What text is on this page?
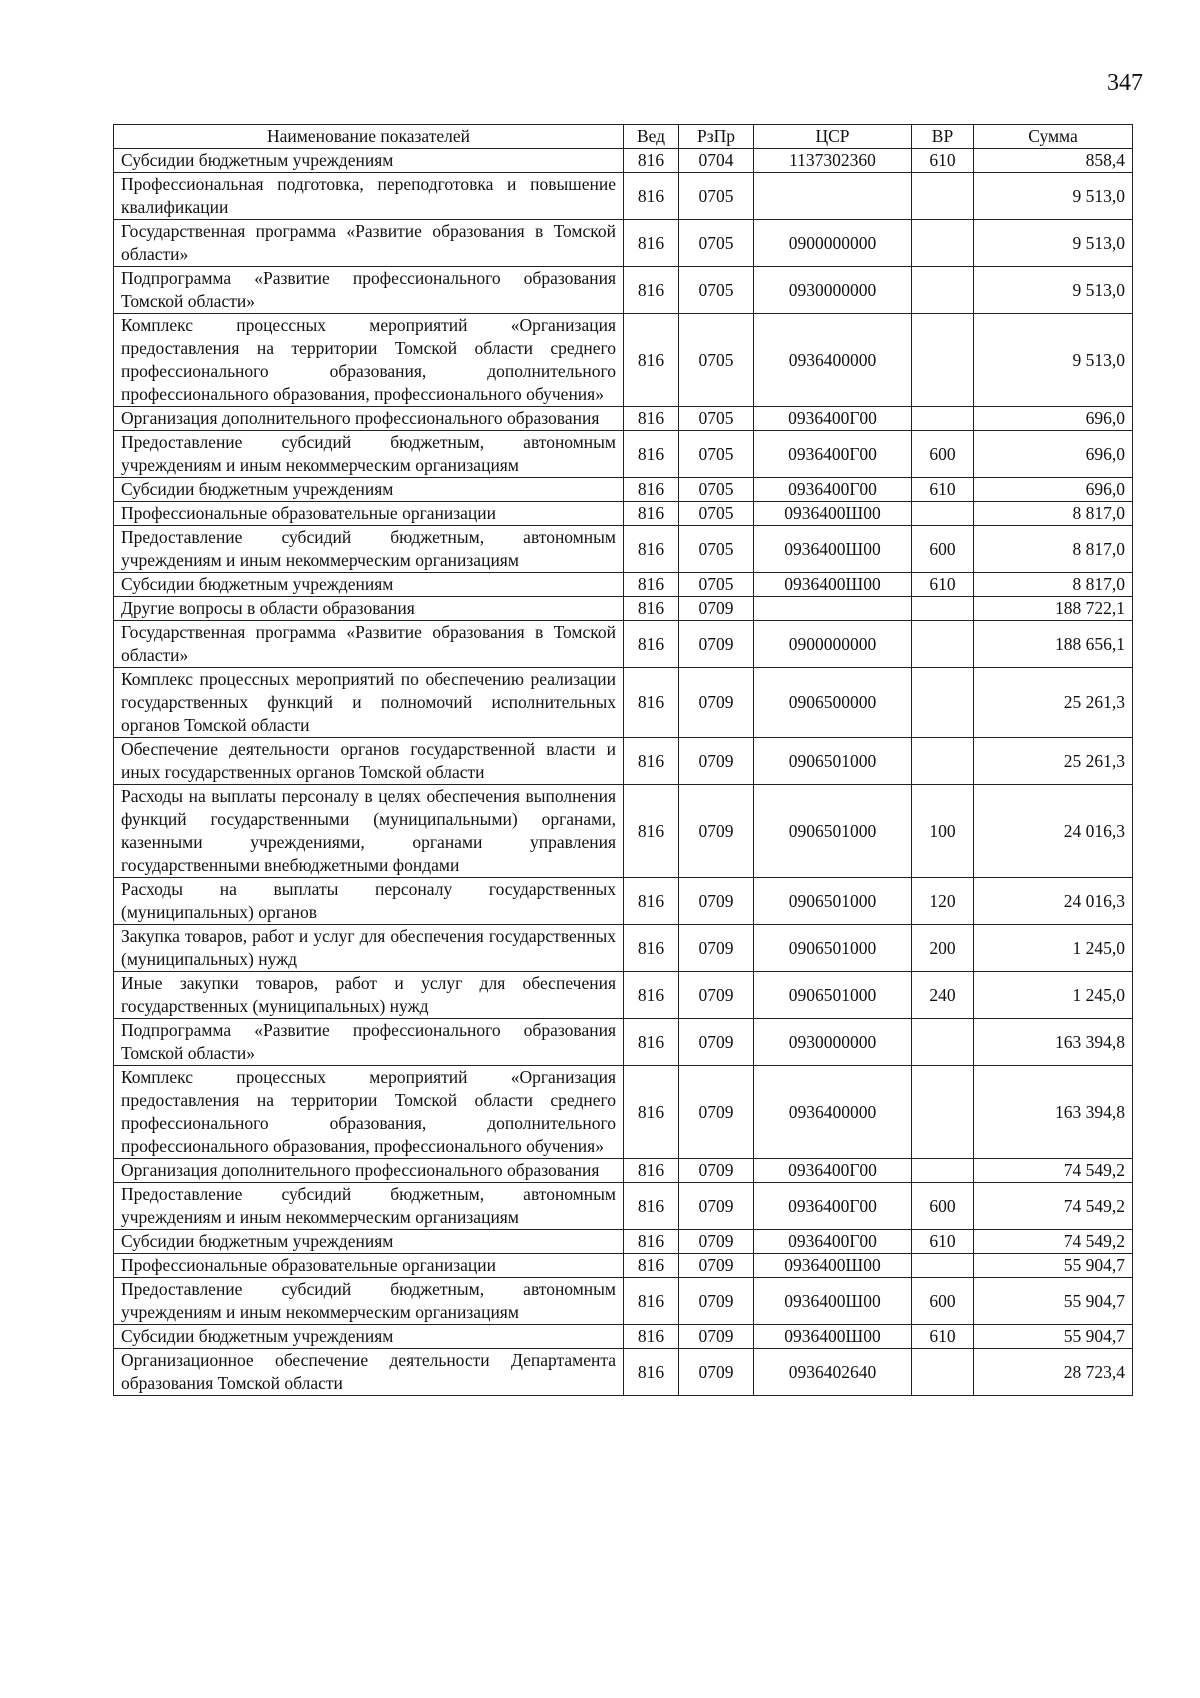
347
Наименование показателей	Вед	РзПр	ЦСР	ВР	Сумма
Субсидии бюджетным учреждениям	816	0704	1137302360	610	858,4
Профессиональная подготовка, переподготовка и повышение квалификации	816	0705			9 513,0
Государственная программа «Развитие образования в Томской области»	816	0705	0900000000		9 513,0
Подпрограмма «Развитие профессионального образования Томской области»	816	0705	0930000000		9 513,0
Комплекс процессных мероприятий «Организация предоставления на территории Томской области среднего профессионального образования, дополнительного профессионального образования, профессионального обучения»	816	0705	0936400000		9 513,0
Организация дополнительного профессионального образования	816	0705	0936400Г00		696,0
Предоставление субсидий бюджетным, автономным учреждениям и иным некоммерческим организациям	816	0705	0936400Г00	600	696,0
Субсидии бюджетным учреждениям	816	0705	0936400Г00	610	696,0
Профессиональные образовательные организации	816	0705	0936400Ш00		8 817,0
Предоставление субсидий бюджетным, автономным учреждениям и иным некоммерческим организациям	816	0705	0936400Ш00	600	8 817,0
Субсидии бюджетным учреждениям	816	0705	0936400Ш00	610	8 817,0
Другие вопросы в области образования	816	0709			188 722,1
Государственная программа «Развитие образования в Томской области»	816	0709	0900000000		188 656,1
Комплекс процессных мероприятий по обеспечению реализации государственных функций и полномочий исполнительных органов Томской области	816	0709	0906500000		25 261,3
Обеспечение деятельности органов государственной власти и иных государственных органов Томской области	816	0709	0906501000		25 261,3
Расходы на выплаты персоналу в целях обеспечения выполнения функций государственными (муниципальными) органами, казенными учреждениями, органами управления государственными внебюджетными фондами	816	0709	0906501000	100	24 016,3
Расходы на выплаты персоналу государственных (муниципальных) органов	816	0709	0906501000	120	24 016,3
Закупка товаров, работ и услуг для обеспечения государственных (муниципальных) нужд	816	0709	0906501000	200	1 245,0
Иные закупки товаров, работ и услуг для обеспечения государственных (муниципальных) нужд	816	0709	0906501000	240	1 245,0
Подпрограмма «Развитие профессионального образования Томской области»	816	0709	0930000000		163 394,8
Комплекс процессных мероприятий «Организация предоставления на территории Томской области среднего профессионального образования, дополнительного профессионального образования, профессионального обучения»	816	0709	0936400000		163 394,8
Организация дополнительного профессионального образования	816	0709	0936400Г00		74 549,2
Предоставление субсидий бюджетным, автономным учреждениям и иным некоммерческим организациям	816	0709	0936400Г00	600	74 549,2
Субсидии бюджетным учреждениям	816	0709	0936400Г00	610	74 549,2
Профессиональные образовательные организации	816	0709	0936400Ш00		55 904,7
Предоставление субсидий бюджетным, автономным учреждениям и иным некоммерческим организациям	816	0709	0936400Ш00	600	55 904,7
Субсидии бюджетным учреждениям	816	0709	0936400Ш00	610	55 904,7
Организационное обеспечение деятельности Департамента образования Томской области	816	0709	0936402640		28 723,4
